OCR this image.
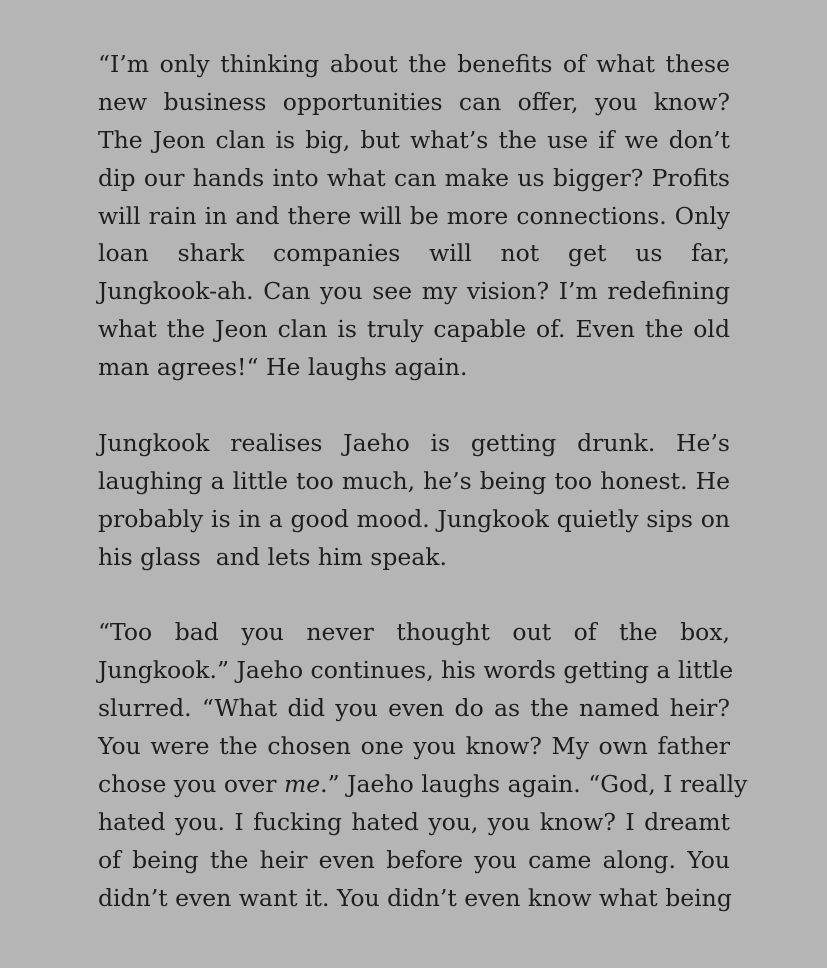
“I’m only thinking about the benefits of what these
new business opportunities can offer, you know?
The Jeon clan is big, but what’s the use if we don’t
dip our hands into what can make us bigger? Profits
will rain in and there will be more connections. Only
loan shark companies will not get us far,
Jungkook-ah. Can you see my vision? I’m redefining
what the Jeon clan is truly capable of. Even the old
man agrees!“ He laughs again.
Jungkook realises Jaeho is getting drunk. He’s
laughing a little too much, he’s being too honest. He
probably is in a good mood. Jungkook quietly sips on
his glass  and lets him speak.
“Too bad you never thought out of the box,
Jungkook.” Jaeho continues, his words getting a little
slurred. “What did you even do as the named heir?
You were the chosen one you know? My own father
chose you over me.” Jaeho laughs again. “God, I really
hated you. I fucking hated you, you know? I dreamt
of being the heir even before you came along. You
didn’t even want it. You didn’t even know what being
